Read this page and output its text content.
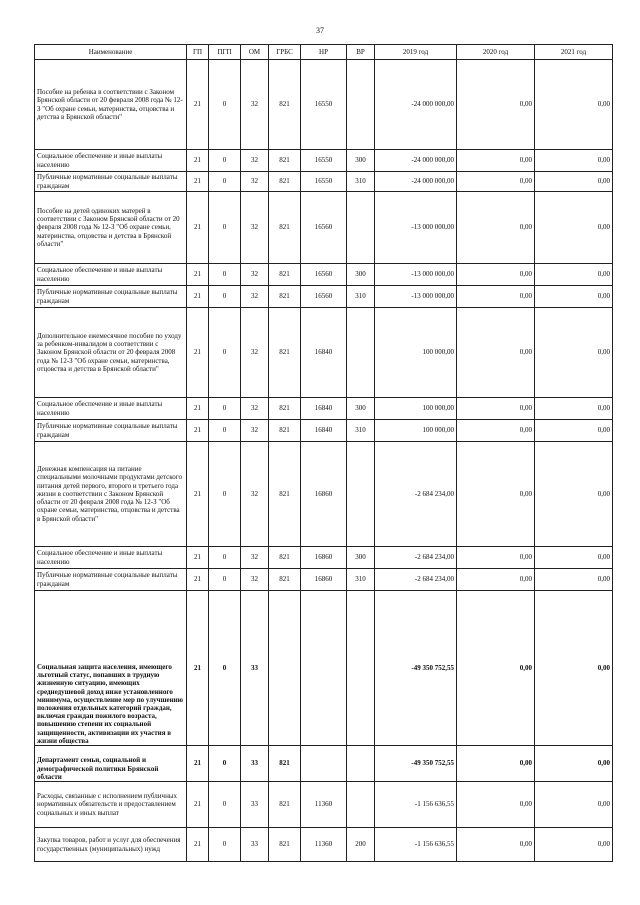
37
Наименование	ГП	ПГП	ОМ	ГРБС	НР	ВР	2019 год	2020 год	2021 год
Пособие на ребенка в соответствии с Законом Брянской области от 20 февраля 2008 года № 12-З "Об охране семьи, материнства, отцовства и детства в Брянской области"	21	0	32	821	16550		-24 000 000,00	0,00	0,00
Социальное обеспечение и иные выплаты населению	21	0	32	821	16550	300	-24 000 000,00	0,00	0,00
Публичные нормативные социальные выплаты гражданам	21	0	32	821	16550	310	-24 000 000,00	0,00	0,00
Пособие на детей одиноких матерей в соответствии с Законом Брянской области от 20 февраля 2008 года № 12-З "Об охране семьи, материнства, отцовства и детства в Брянской области"	21	0	32	821	16560		-13 000 000,00	0,00	0,00
Социальное обеспечение и иные выплаты населению	21	0	32	821	16560	300	-13 000 000,00	0,00	0,00
Публичные нормативные социальные выплаты гражданам	21	0	32	821	16560	310	-13 000 000,00	0,00	0,00
Дополнительное ежемесячное пособие по уходу за ребенком-инвалидом в соответствии с Законом Брянской области от 20 февраля 2008 года № 12-З "Об охране семьи, материнства, отцовства и детства в Брянской области"	21	0	32	821	16840		100 000,00	0,00	0,00
Социальное обеспечение и иные выплаты населению	21	0	32	821	16840	300	100 000,00	0,00	0,00
Публичные нормативные социальные выплаты гражданам	21	0	32	821	16840	310	100 000,00	0,00	0,00
Денежная компенсация на питание специальными молочными продуктами детского питания детей первого, второго и третьего года жизни в соответствии с Законом Брянской области от 20 февраля 2008 года № 12-З "Об охране семьи, материнства, отцовства и детства в Брянской области"	21	0	32	821	16860		-2 684 234,00	0,00	0,00
Социальное обеспечение и иные выплаты населению	21	0	32	821	16860	300	-2 684 234,00	0,00	0,00
Публичные нормативные социальные выплаты гражданам	21	0	32	821	16860	310	-2 684 234,00	0,00	0,00
Социальная защита населения, имеющего льготный статус, попавших в трудную жизненную ситуацию, имеющих среднедушевой доход ниже установленного минимума, осуществление мер по улучшению положения отдельных категорий граждан, включая граждан пожилого возраста, повышению степени их социальной защищенности, активизации их участия в жизни общества	21	0	33				-49 350 752,55	0,00	0,00
Департамент семьи, социальной и демографической политики Брянской области	21	0	33	821			-49 350 752,55	0,00	0,00
Расходы, связанные с исполнением публичных нормативных обязательств и предоставлением социальных и иных выплат	21	0	33	821	11360		-1 156 636,55	0,00	0,00
Закупка товаров, работ и услуг для обеспечения государственных (муниципальных) нужд	21	0	33	821	11360	200	-1 156 636,55	0,00	0,00
